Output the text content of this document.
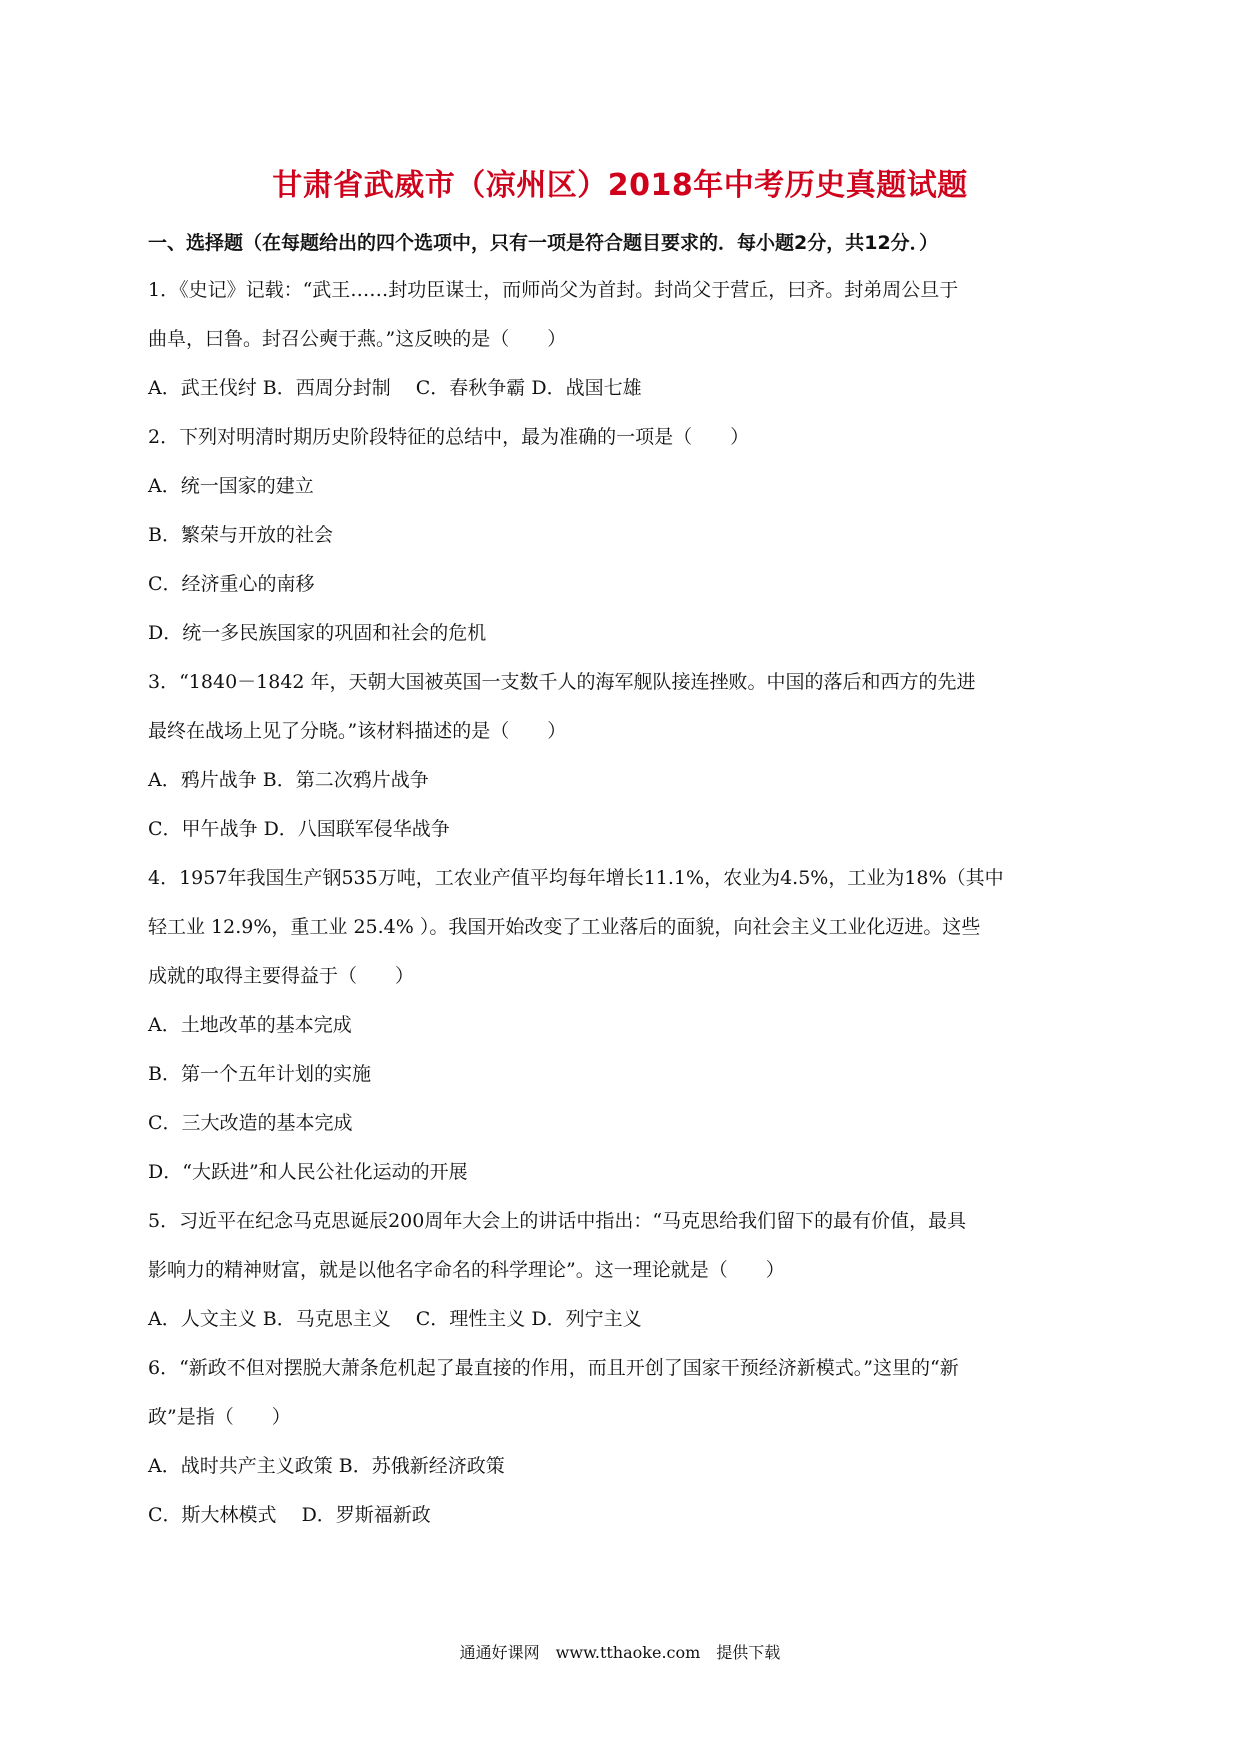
甘肃省武威市（凉州区）2018年中考历史真题试题
一、选择题（在每题给出的四个选项中，只有一项是符合题目要求的．每小题2分，共12分．）
1．《史记》记载：“武王……封功臣谋士，而师尚父为首封。封尚父于营丘，曰齐。封弟周公旦于
曲阜，曰鲁。封召公奭于燕。”这反映的是（　　）
A．武王伐纣 B．西周分封制　 C．春秋争霸 D．战国七雄
2．下列对明清时期历史阶段特征的总结中，最为准确的一项是（　　）
A．统一国家的建立
B．繁荣与开放的社会
C．经济重心的南移
D．统一多民族国家的巩固和社会的危机
3．“1840－1842 年，天朝大国被英国一支数千人的海军舰队接连挫败。中国的落后和西方的先进
最终在战场上见了分晓。”该材料描述的是（　　）
A．鸦片战争 B．第二次鸦片战争
C．甲午战争 D．八国联军侵华战争
4．1957年我国生产钢535万吨，工农业产值平均每年增长11.1%，农业为4.5%，工业为18%（其中
轻工业 12.9%，重工业 25.4% ）。我国开始改变了工业落后的面貌，向社会主义工业化迈进。这些
成就的取得主要得益于（　　）
A．土地改革的基本完成
B．第一个五年计划的实施
C．三大改造的基本完成
D．“大跃进”和人民公社化运动的开展
5．习近平在纪念马克思诞辰200周年大会上的讲话中指出：“马克思给我们留下的最有价值，最具
影响力的精神财富，就是以他名字命名的科学理论”。这一理论就是（　　）
A．人文主义 B．马克思主义　 C．理性主义 D．列宁主义
6．“新政不但对摆脱大萧条危机起了最直接的作用，而且开创了国家干预经济新模式。”这里的“新
政”是指（　　）
A．战时共产主义政策 B．苏俄新经济政策
C．斯大林模式　 D．罗斯福新政
通通好课网　www.tthaoke.com　提供下载
